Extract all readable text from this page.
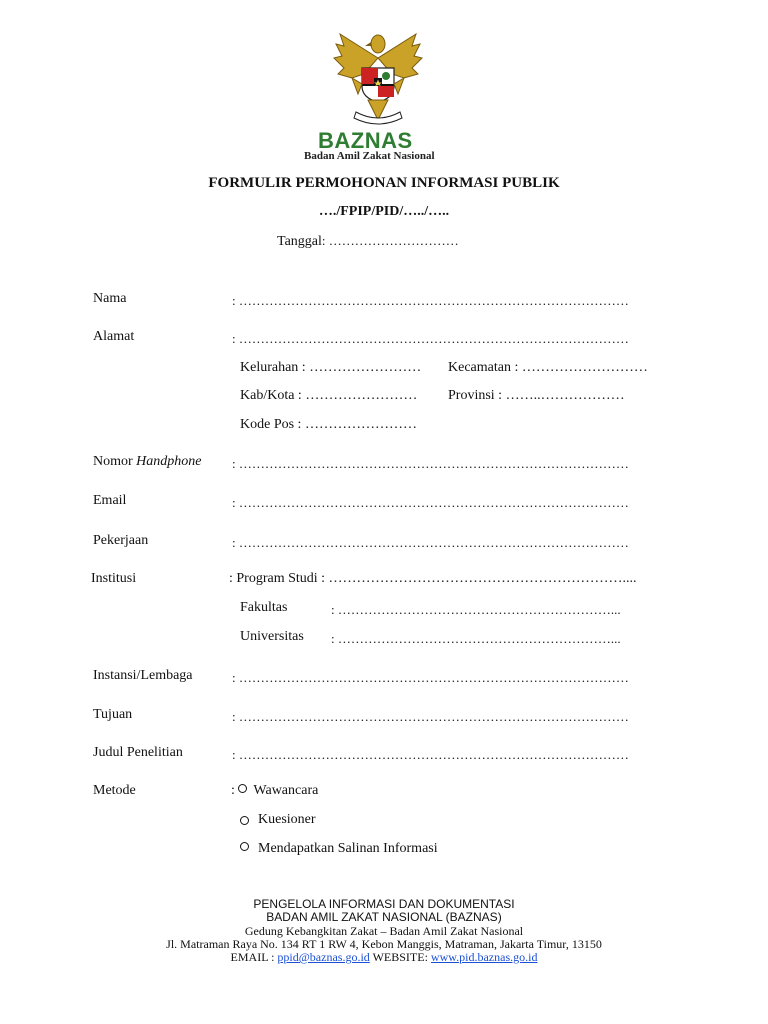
BAZNAS
Badan Amil Zakat Nasional
FORMULIR PERMOHONAN INFORMASI PUBLIK
…./FPIP/PID/…../…..
Tanggal: …………………………
Nama	: ………………………………………………………………………………
Alamat	: ………………………………………………………………………………
Kelurahan : …………………… Kecamatan : ………………………
Kab/Kota : …………………… Provinsi : ……..………………
Kode Pos : ……………………
Nomor Handphone : ………………………………………………………………………………
Email	: ………………………………………………………………………………
Pekerjaan	: ………………………………………………………………………………
Institusi	: Program Studi : ………………………………………………………....
Fakultas	: ………………………………………………………...
Universitas : ………………………………………………………...
Instansi/Lembaga	: ………………………………………………………………………………
Tujuan	: ………………………………………………………………………………
Judul Penelitian	: ………………………………………………………………………………
Metode	: Wawancara
Kuesioner
Mendapatkan Salinan Informasi
PENGELOLA INFORMASI DAN DOKUMENTASI
BADAN AMIL ZAKAT NASIONAL (BAZNAS)
Gedung Kebangkitan Zakat – Badan Amil Zakat Nasional
Jl. Matraman Raya No. 134 RT 1 RW 4, Kebon Manggis, Matraman, Jakarta Timur, 13150
EMAIL : ppid@baznas.go.id WEBSITE: www.pid.baznas.go.id
